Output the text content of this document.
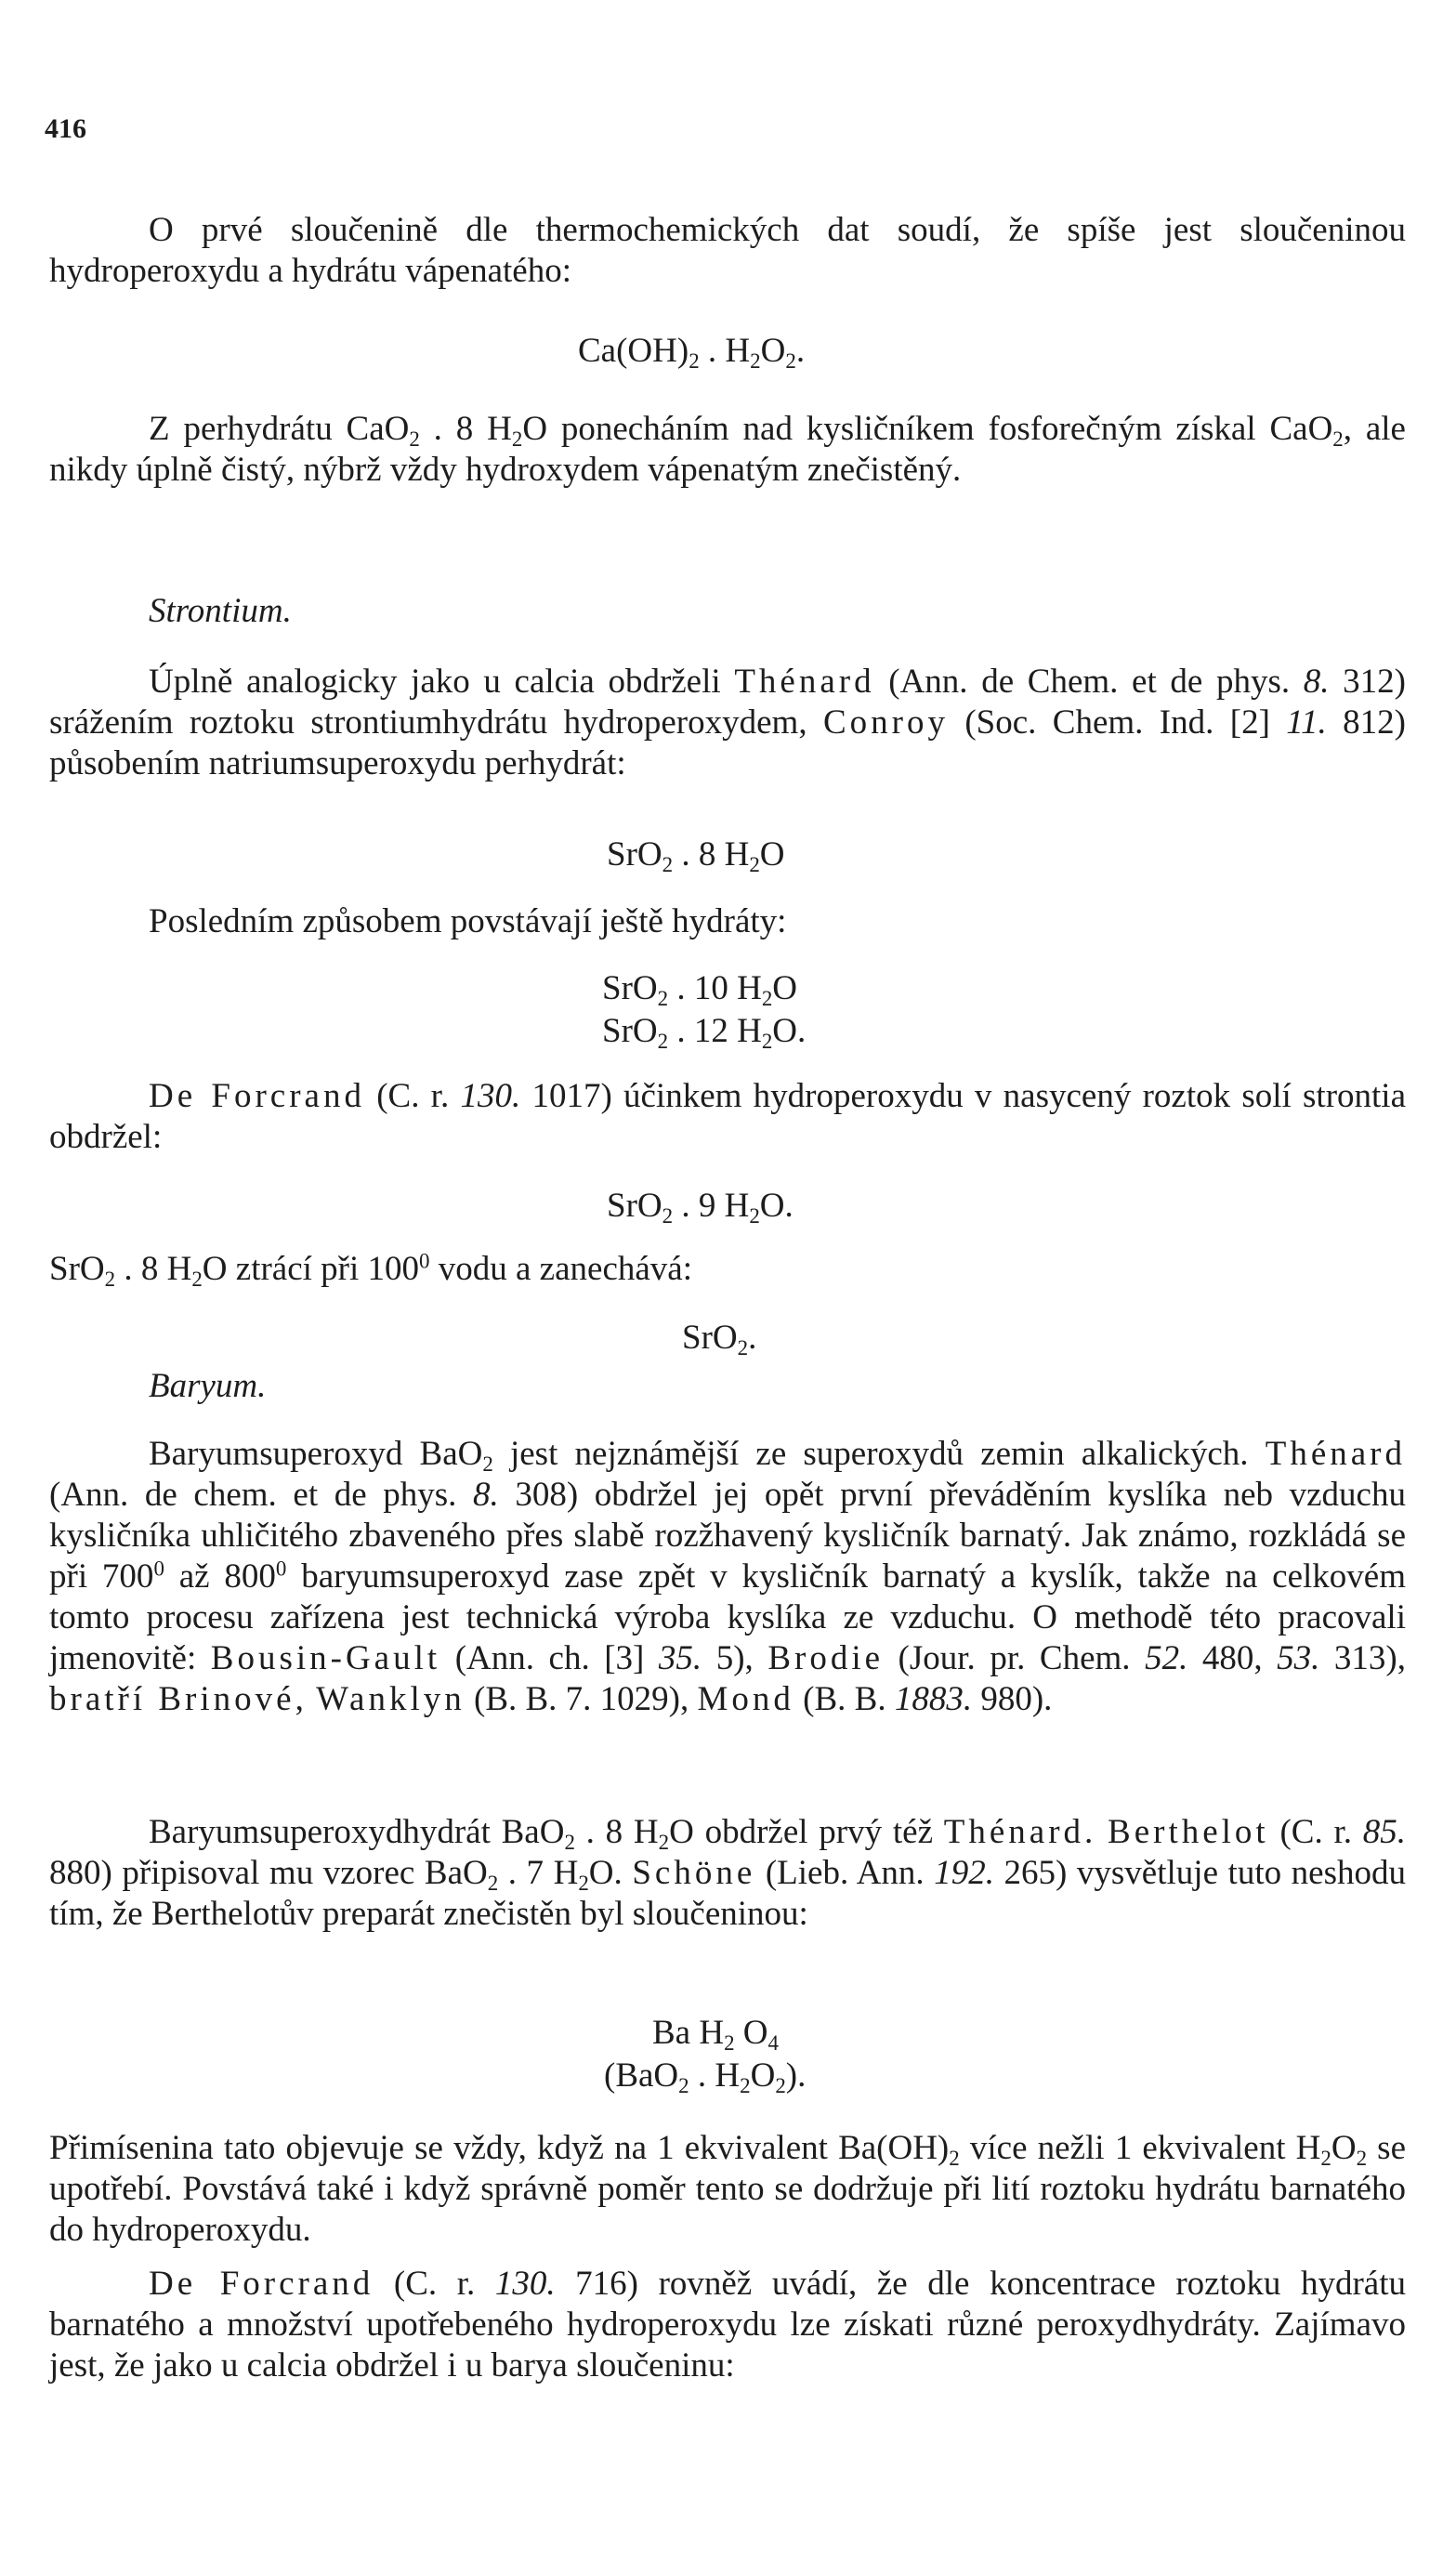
416
O prvé sloučenině dle thermochemických dat soudí, že spíše jest sloučeninou hydroperoxydu a hydrátu vápenatého:
$Ca(OH)_2$ . $H_2O_2$.
Z perhydrátu CaO$_2$ . 8 $H_2O$ ponecháním nad kysličníkem fosforečným získal CaO$_2$, ale nikdy úplně čistý, nýbrž vždy hydroxydem vápenatým znečistěný.
Strontium.
Úplně analogicky jako u calcia obdrželi Thénard (Ann. de Chem. et de phys. 8. 312) srážením roztoku strontiumhydrátu hydroperoxydem, Conroy (Soc. Chem. Ind. [2] 11. 812) působením natriumsuperoxydu perhydrát:
SrO$_2$ . 8 $H_2O$
Posledním způsobem povstávají ještě hydráty:
SrO$_2$ . 10 $H_2O$
SrO$_2$ . 12 $H_2O$.
De Forcrand (C. r. 130. 1017) účinkem hydroperoxydu v nasycený roztok solí strontia obdržel:
SrO$_2$ . 9 $H_2O$.
SrO$_2$ . 8 $H_2O$ ztrácí při $100^0$ vodu a zanechává:
SrO$_2$.
Baryum.
Baryumsuperoxyd BaO$_2$ jest nejznámější ze superoxydů zemin alkalických. Thénard (Ann. de chem. et de phys. 8. 308) obdržel jej opět první převáděním kyslíka neb vzduchu kysličníka uhličitého zbaveného přes slabě rozžhavený kysličník barnatý. Jak známo, rozkládá se při $700^0$ až $800^0$ baryumsuperoxyd zase zpět v kysličník barnatý a kyslík, takže na celkovém tomto procesu zařízena jest technická výroba kyslíka ze vzduchu. O methodě této pracovali jmenovitě: Bousin-Gault (Ann. ch. [3] 35. 5), Brodie (Jour. pr. Chem. 52. 480, 53. 313), bratří Brinové, Wanklyn (B. B. 7. 1029), Mond (B. B. 1883. 980).
Baryumsuperoxydhydrát BaO$_2$ . 8 $H_2O$ obdržel prvý též Thénard. Berthelot (C. r. 85. 880) připisoval mu vzorec BaO$_2$ . 7 $H_2O$. Schöne (Lieb. Ann. 192. 265) vysvětluje tuto neshodu tím, že Berthelotův preparát znečistěn byl sloučeninou:
Ba $H_2$ $O_4$
(BaO$_2$ . $H_2O_2$).
Přimísenina tato objevuje se vždy, když na 1 ekvivalent $Ba(OH)_2$ více nežli 1 ekvivalent $H_2O_2$ se upotřebí. Povstává také i když správně poměr tento se dodržuje při lití roztoku hydrátu barnatého do hydroperoxydu.
De Forcrand (C. r. 130. 716) rovněž uvádí, že dle koncentrace roztoku hydrátu barnatého a množství upotřebeného hydroperoxydu lze získati různé peroxydhydráty. Zajímavo jest, že jako u calcia obdržel i u barya sloučeninu:
